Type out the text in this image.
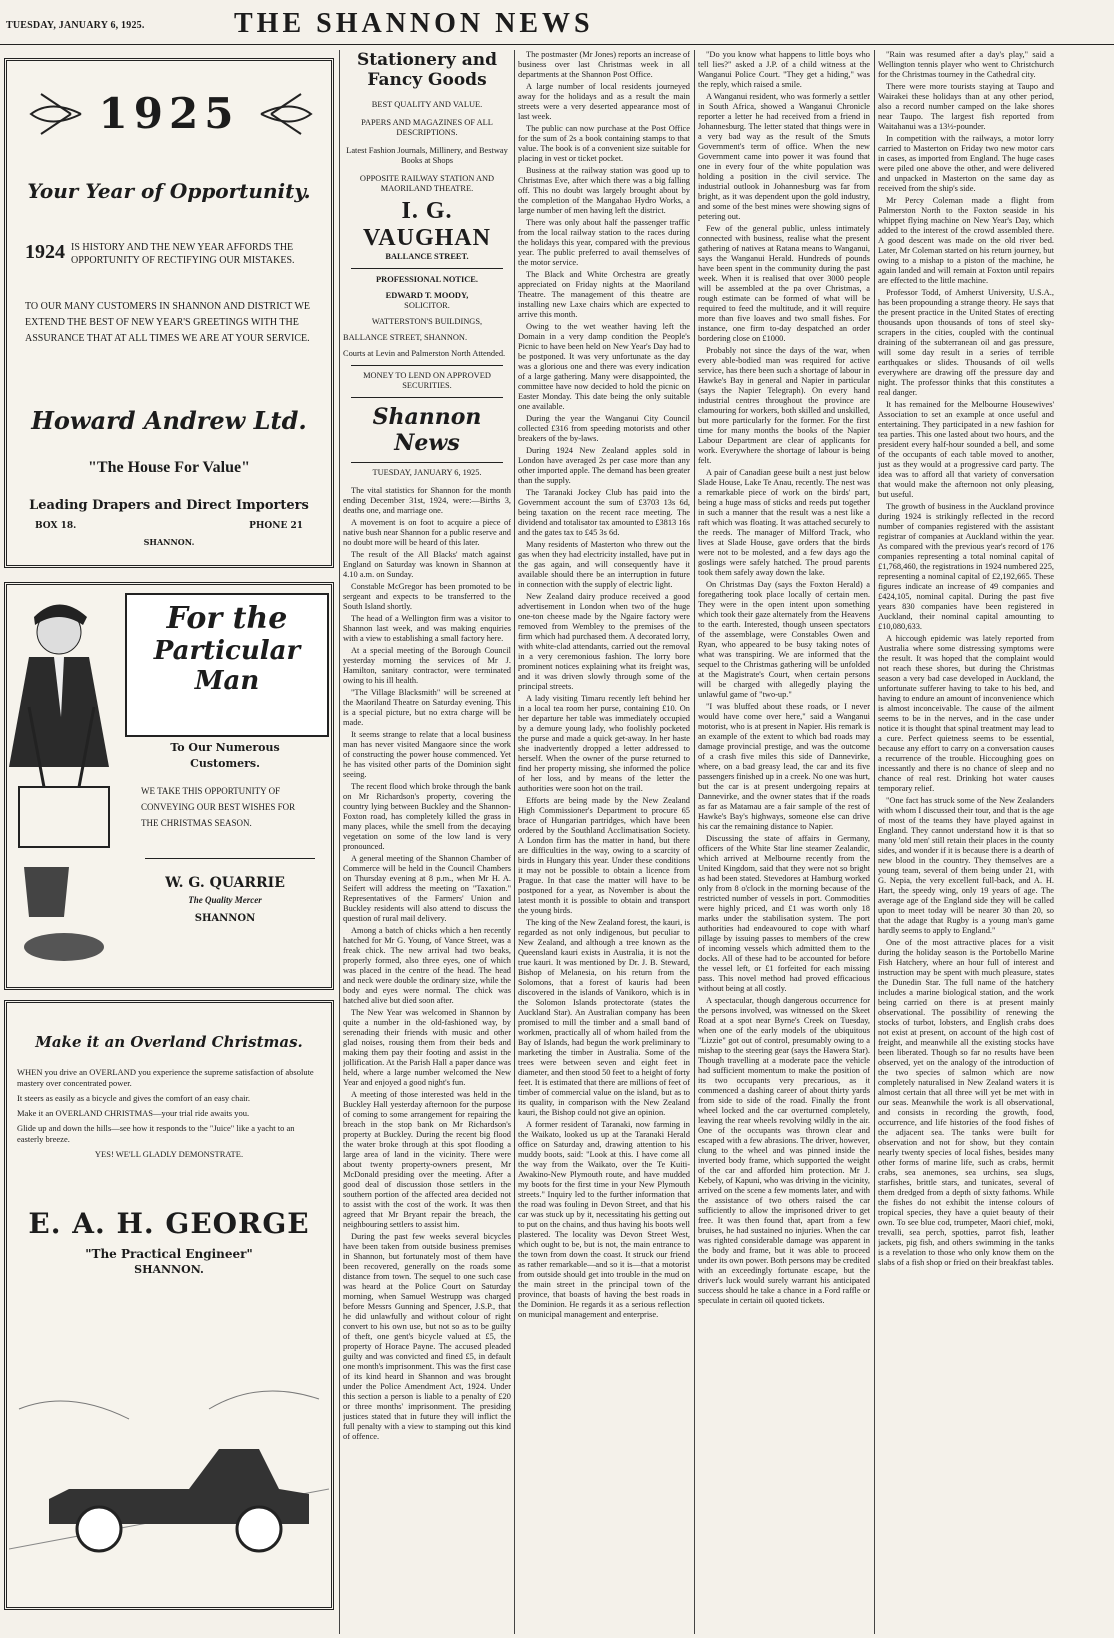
TUESDAY, JANUARY 6, 1925.	THE SHANNON NEWS
1925
Your Year of Opportunity.
1924 IS HISTORY AND THE NEW YEAR AFFORDS THE OPPORTUNITY OF RECTIFYING OUR MISTAKES.
TO OUR MANY CUSTOMERS IN SHANNON AND DISTRICT WE EXTEND THE BEST OF NEW YEAR'S GREETINGS WITH THE ASSURANCE THAT AT ALL TIMES WE ARE AT YOUR SERVICE.
Howard Andrew Ltd.
"The House For Value"
Leading Drapers and Direct Importers
BOX 18.	PHONE 21
SHANNON.
For the
Particular Man
To Our Numerous
Customers.
WE TAKE THIS OPPORTUNITY OF CONVEYING OUR BEST WISHES FOR THE CHRISTMAS SEASON.
W. G. QUARRIE
The Quality Mercer
SHANNON
Make it an Overland Christmas.

WHEN you drive an OVERLAND you experience the supreme satisfaction of absolute mastery over concentrated power.

It steers as easily as a bicycle and gives the comfort of an easy chair.

Make it an OVERLAND CHRISTMAS—your trial ride awaits you.

Glide up and down the hills—see how it responds to the "Juice" like a yacht to an easterly breeze.

YES! WE'LL GLADLY DEMONSTRATE.

E. A. H. GEORGE
"The Practical Engineer"
SHANNON.
Stationery and
Fancy Goods
BEST QUALITY AND VALUE.
PAPERS AND MAGAZINES OF ALL DESCRIPTIONS.
Latest Fashion Journals, Millinery, and Bestway Books at Shops
OPPOSITE RAILWAY STATION AND MAORILAND THEATRE.
I. G. VAUGHAN
BALLANCE STREET.
PROFESSIONAL NOTICE.
EDWARD T. MOODY,
SOLICITOR.
WATTERSTON'S BUILDINGS,
BALLANCE STREET, SHANNON.
Courts at Levin and Palmerston North Attended.
MONEY TO LEND ON APPROVED SECURITIES.
Shannon News
TUESDAY, JANUARY 6, 1925.

The vital statistics for Shannon for the month ending December 31st, 1924, were:—Births 3, deaths one, and marriage one.

A movement is on foot to acquire a piece of native bush near Shannon for a public reserve and no doubt more will be heard of this later.

The result of the All Blacks' match against England on Saturday was known in Shannon at 4.10 a.m. on Sunday.

Constable McGregor has been promoted to be sergeant and expects to be transferred to the South Island shortly.

The head of a Wellington firm was a visitor to Shannon last week, and was making enquiries with a view to establishing a small factory here.

At a special meeting of the Borough Council yesterday morning the services of Mr J. Hamilton, sanitary contractor, were terminated owing to his ill health.

"The Village Blacksmith" will be screened at the Maoriland Theatre on Saturday evening. This is a special picture, but no extra charge will be made.

It seems strange to relate that a local business man has never visited Mangaore since the work of constructing the power house commenced. Yet he has visited other parts of the Dominion sight seeing.

The recent flood which broke through the bank on Mr Richardson's property, covering the country lying between Buckley and the Shannon-Foxton road, has completely killed the grass in many places, while the smell from the decaying vegetation on some of the low land is very pronounced.

A general meeting of the Shannon Chamber of Commerce will be held in the Council Chambers on Thursday evening at 8 p.m., when Mr H. A. Seifert will address the meeting on "Taxation." Representatives of the Farmers' Union and Buckley residents will also attend to discuss the question of rural mail delivery.

Among a batch of chicks which a hen recently hatched for Mr G. Young, of Vance Street, was a freak chick. The new arrival had two beaks, properly formed, also three eyes, one of which was placed in the centre of the head. The head and neck were double the ordinary size, while the body and eyes were normal. The chick was hatched alive but died soon after.

The New Year was welcomed in Shannon by quite a number in the old-fashioned way, by serenading their friends with music and other glad noises, rousing them from their beds and making them pay their footing and assist in the jollification. At the Parish Hall a paper dance was held, where a large number welcomed the New Year and enjoyed a good night's fun.

A meeting of those interested was held in the Buckley Hall yesterday afternoon for the purpose of coming to some arrangement for repairing the breach in the stop bank on Mr Richardson's property at Buckley. During the recent big flood the water broke through at this spot flooding a large area of land in the vicinity. There were about twenty property-owners present, Mr McDonald presiding over the meeting. After a good deal of discussion those settlers in the southern portion of the affected area decided not to assist with the cost of the work. It was then agreed that Mr Bryant repair the breach, the neighbouring settlers to assist him.

During the past few weeks several bicycles have been taken from outside business premises in Shannon, but fortunately most of them have been recovered, generally on the roads some distance from town. The sequel to one such case was heard at the Police Court on Saturday morning, when Samuel Westrupp was charged before Messrs Gunning and Spencer, J.S.P., that he did unlawfully and without colour of right convert to his own use, but not so as to be guilty of theft, one gent's bicycle valued at £5, the property of Horace Payne. The accused pleaded guilty and was convicted and fined £5, in default one month's imprisonment. This was the first case of its kind heard in Shannon and was brought under the Police Amendment Act, 1924. Under this section a person is liable to a penalty of £20 or three months' imprisonment. The presiding justices stated that in future they will inflict the full penalty with a view to stamping out this kind of offence.

The postmaster (Mr Jones) reports an increase of business over last Christmas week in all departments at the Shannon Post Office.

A large number of local residents journeyed away for the holidays and as a result the main streets were a very deserted appearance most of last week.

The public can now purchase at the Post Office for the sum of 2s a book containing stamps to that value. The book is of a convenient size suitable for placing in vest or ticket pocket.

Business at the railway station was good up to Christmas Eve, after which there was a big falling off. This no doubt was largely brought about by the completion of the Mangahao Hydro Works, a large number of men having left the district.

There was only about half the passenger traffic from the local railway station to the races during the holidays this year, compared with the previous year. The public preferred to avail themselves of the motor service.

The Black and White Orchestra are greatly appreciated on Friday nights at the Maoriland Theatre. The management of this theatre are installing new Laxe chairs which are expected to arrive this month.

Owing to the wet weather having left the Domain in a very damp condition the People's Picnic to have been held on New Year's Day had to be postponed. It was very unfortunate as the day was a glorious one and there was every indication of a large gathering. Many were disappointed, the committee have now decided to hold the picnic on Easter Monday. This date being the only suitable one available.

During the year the Wanganui City Council collected £316 from speeding motorists and other breakers of the by-laws.

During 1924 New Zealand apples sold in London have averaged 2s per case more than any other imported apple. The demand has been greater than the supply.

The Taranaki Jockey Club has paid into the Government account the sum of £3703 13s 6d, being taxation on the recent race meeting. The dividend and totalisator tax amounted to £3813 16s and the gates tax to £45 3s 6d.

Many residents of Masterton who threw out the gas when they had electricity installed, have put in the gas again, and will consequently have it available should there be an interruption in future in connection with the supply of electric light.

New Zealand dairy produce received a good advertisement in London when two of the huge one-ton cheese made by the Ngaire factory were removed from Wembley to the premises of the firm which had purchased them. A decorated lorry, with white-clad attendants, carried out the removal in a very ceremonious fashion. The lorry bore prominent notices explaining what its freight was, and it was driven slowly through some of the principal streets.

A lady visiting Timaru recently left behind her in a local tea room her purse, containing £10. On her departure her table was immediately occupied by a demure young lady, who foolishly pocketed the purse and made a quick get-away. In her haste she inadvertently dropped a letter addressed to herself. When the owner of the purse returned to find her property missing, she informed the police of her loss, and by means of the letter the authorities were soon hot on the trail.

Efforts are being made by the New Zealand High Commissioner's Department to procure 65 brace of Hungarian partridges, which have been ordered by the Southland Acclimatisation Society. A London firm has the matter in hand, but there are difficulties in the way, owing to a scarcity of birds in Hungary this year. Under these conditions it may not be possible to obtain a licence from Prague. In that case the matter will have to be postponed for a year, as November is about the latest month it is possible to obtain and transport the young birds.

The king of the New Zealand forest, the kauri, is regarded as not only indigenous, but peculiar to New Zealand, and although a tree known as the Queensland kauri exists in Australia, it is not the true kauri. It was mentioned by Dr. J. B. Steward, Bishop of Melanesia, on his return from the Solomons, that a forest of kauris had been discovered in the islands of Vanikoro, which is in the Solomon Islands protectorate (states the Auckland Star). An Australian company has been promised to mill the timber and a small band of workmen, practically all of whom hailed from the Bay of Islands, had begun the work preliminary to marketing the timber in Australia. Some of the trees were between seven and eight feet in diameter, and then stood 50 feet to a height of forty feet. It is estimated that there are millions of feet of timber of commercial value on the island, but as to its quality, in comparison with the New Zealand kauri, the Bishop could not give an opinion.

A former resident of Taranaki, now farming in the Waikato, looked us up at the Taranaki Herald office on Saturday and, drawing attention to his muddy boots, said: "Look at this. I have come all the way from the Waikato, over the Te Kuiti-Awakino-New Plymouth route, and have mudded my boots for the first time in your New Plymouth streets." Inquiry led to the further information that the road was fouling in Devon Street, and that his car was stuck up by it, necessitating his getting out to put on the chains, and thus having his boots well plastered. The locality was Devon Street West, which ought to be, but is not, the main entrance to the town from down the coast. It struck our friend as rather remarkable—and so it is—that a motorist from outside should get into trouble in the mud on the main street in the principal town of the province, that boasts of having the best roads in the Dominion. He regards it as a serious reflection on municipal management and enterprise.

"Do you know what happens to little boys who tell lies?" asked a J.P. of a child witness at the Wanganui Police Court. "They get a hiding," was the reply, which raised a smile.

A Wanganui resident, who was formerly a settler in South Africa, showed a Wanganui Chronicle reporter a letter he had received from a friend in Johannesburg. The letter stated that things were in a very bad way as the result of the Smuts Government's term of office. When the new Government came into power it was found that one in every four of the white population was holding a position in the civil service. The industrial outlook in Johannesburg was far from bright, as it was dependent upon the gold industry, and some of the best mines were showing signs of petering out.

Few of the general public, unless intimately connected with business, realise what the present gathering of natives at Ratana means to Wanganui, says the Wanganui Herald. Hundreds of pounds have been spent in the community during the past week. When it is realised that over 3000 people will be assembled at the pa over Christmas, a rough estimate can be formed of what will be required to feed the multitude, and it will require more than five loaves and two small fishes. For instance, one firm to-day despatched an order bordering close on £1000.

Probably not since the days of the war, when every able-bodied man was required for active service, has there been such a shortage of labour in Hawke's Bay in general and Napier in particular (says the Napier Telegraph). On every hand industrial centres throughout the province are clamouring for workers, both skilled and unskilled, but more particularly for the former. For the first time for many months the books of the Napier Labour Department are clear of applicants for work. Everywhere the shortage of labour is being felt.

A pair of Canadian geese built a nest just below Slade House, Lake Te Anau, recently. The nest was a remarkable piece of work on the birds' part, being a huge mass of sticks and reeds put together in such a manner that the result was a nest like a raft which was floating. It was attached securely to the reeds. The manager of Milford Track, who lives at Slade House, gave orders that the birds were not to be molested, and a few days ago the goslings were safely hatched. The proud parents took them safely away down the lake.

On Christmas Day (says the Foxton Herald) a foregathering took place locally of certain men. They were in the open intent upon something which took their gaze alternately from the Heavens to the earth. Interested, though unseen spectators of the assemblage, were Constables Owen and Ryan, who appeared to be busy taking notes of what was transpiring. We are informed that the sequel to the Christmas gathering will be unfolded at the Magistrate's Court, when certain persons will be charged with allegedly playing the unlawful game of "two-up."

"I was bluffed about these roads, or I never would have come over here," said a Wanganui motorist, who is at present in Napier. His remark is an example of the extent to which bad roads may damage provincial prestige, and was the outcome of a crash five miles this side of Dannevirke, where, on a bad greasy lead, the car and its five passengers finished up in a creek. No one was hurt, but the car is at present undergoing repairs at Dannevirke, and the owner states that if the roads as far as Matamau are a fair sample of the rest of Hawke's Bay's highways, someone else can drive his car the remaining distance to Napier.

Discussing the state of affairs in Germany, officers of the White Star line steamer Zealandic, which arrived at Melbourne recently from the United Kingdom, said that they were not so bright as had been stated. Stevedores at Hamburg worked only from 8 o'clock in the morning because of the restricted number of vessels in port. Commodities were highly priced, and £1 was worth only 18 marks under the stabilisation system. The port authorities had endeavoured to cope with wharf pillage by issuing passes to members of the crew of incoming vessels which admitted them to the docks. All of these had to be accounted for before the vessel left, or £1 forfeited for each missing pass. This novel method had proved efficacious without being at all costly.

A spectacular, though dangerous occurrence for the persons involved, was witnessed on the Skeet Road at a spot near Byrne's Creek on Tuesday, when one of the early models of the ubiquitous "Lizzie" got out of control, presumably owing to a mishap to the steering gear (says the Hawera Star). Though travelling at a moderate pace the vehicle had sufficient momentum to make the position of its two occupants very precarious, as it commenced a dashing career of about thirty yards from side to side of the road. Finally the front wheel locked and the car overturned completely, leaving the rear wheels revolving wildly in the air. One of the occupants was thrown clear and escaped with a few abrasions. The driver, however, clung to the wheel and was pinned inside the inverted body frame, which supported the weight of the car and afforded him protection. Mr J. Kebely, of Kapuni, who was driving in the vicinity, arrived on the scene a few moments later, and with the assistance of two others raised the car sufficiently to allow the imprisoned driver to get free. It was then found that, apart from a few bruises, he had sustained no injuries. When the car was righted considerable damage was apparent in the body and frame, but it was able to proceed under its own power. Both persons may be credited with an exceedingly fortunate escape, but the driver's luck would surely warrant his anticipated success should he take a chance in a Ford raffle or speculate in certain oil quoted tickets.

"Rain was resumed after a day's play," said a Wellington tennis player who went to Christchurch for the Christmas tourney in the Cathedral city.

There were more tourists staying at Taupo and Wairakei these holidays than at any other period, also a record number camped on the lake shores near Taupo. The largest fish reported from Waitahanui was a 13½-pounder.

In competition with the railways, a motor lorry carried to Masterton on Friday two new motor cars in cases, as imported from England. The huge cases were piled one above the other, and were delivered and unpacked in Masterton on the same day as received from the ship's side.

Mr Percy Coleman made a flight from Palmerston North to the Foxton seaside in his whippet flying machine on New Year's Day, which added to the interest of the crowd assembled there. A good descent was made on the old river bed. Later, Mr Coleman started on his return journey, but owing to a mishap to a piston of the machine, he again landed and will remain at Foxton until repairs are effected to the little machine.

Professor Todd, of Amherst University, U.S.A., has been propounding a strange theory. He says that the present practice in the United States of erecting thousands upon thousands of tons of steel sky-scrapers in the cities, coupled with the continual draining of the subterranean oil and gas pressure, will some day result in a series of terrible earthquakes or slides. Thousands of oil wells everywhere are drawing off the pressure day and night. The professor thinks that this constitutes a real danger.

It has remained for the Melbourne Housewives' Association to set an example at once useful and entertaining. They participated in a new fashion for tea parties. This one lasted about two hours, and the president every half-hour sounded a bell, and some of the occupants of each table moved to another, just as they would at a progressive card party. The idea was to afford all that variety of conversation that would make the afternoon not only pleasing, but useful.

The growth of business in the Auckland province during 1924 is strikingly reflected in the record number of companies registered with the assistant registrar of companies at Auckland within the year. As compared with the previous year's record of 176 companies representing a total nominal capital of £1,768,460, the registrations in 1924 numbered 225, representing a nominal capital of £2,192,665. These figures indicate an increase of 49 companies and £424,105, nominal capital. During the past five years 830 companies have been registered in Auckland, their nominal capital amounting to £10,080,633.

A hiccough epidemic was lately reported from Australia where some distressing symptoms were the result. It was hoped that the complaint would not reach these shores, but during the Christmas season a very bad case developed in Auckland, the unfortunate sufferer having to take to his bed, and having to endure an amount of inconvenience which is almost inconceivable. The cause of the ailment seems to be in the nerves, and in the case under notice it is thought that spinal treatment may lead to a cure. Perfect quietness seems to be essential, because any effort to carry on a conversation causes a recurrence of the trouble. Hiccoughing goes on incessantly and there is no chance of sleep and no chance of real rest. Drinking hot water causes temporary relief.

"One fact has struck some of the New Zealanders with whom I discussed their tour, and that is the age of most of the teams they have played against in England. They cannot understand how it is that so many 'old men' still retain their places in the county sides, and wonder if it is because there is a dearth of new blood in the country. They themselves are a young team, several of them being under 21, with G. Nepia, the very excellent full-back, and A. H. Hart, the speedy wing, only 19 years of age. The average age of the England side they will be called upon to meet today will be nearer 30 than 20, so that the adage that Rugby is a young man's game hardly seems to apply to England."

One of the most attractive places for a visit during the holiday season is the Portobello Marine Fish Hatchery, where an hour full of interest and instruction may be spent with much pleasure, states the Dunedin Star. The full name of the hatchery includes a marine biological station, and the work being carried on there is at present mainly observational. The possibility of renewing the stocks of turbot, lobsters, and English crabs does not exist at present, on account of the high cost of freight, and meanwhile all the existing stocks have been liberated. Though so far no results have been observed, yet on the analogy of the introduction of the two species of salmon which are now completely naturalised in New Zealand waters it is almost certain that all three will yet be met with in our seas. Meanwhile the work is all observational, and consists in recording the growth, food, occurrence, and life histories of the food fishes of the adjacent sea. The tanks were built for observation and not for show, but they contain nearly twenty species of local fishes, besides many other forms of marine life, such as crabs, hermit crabs, sea anemones, sea urchins, sea slugs, starfishes, brittle stars, and tunicates, several of them dredged from a depth of sixty fathoms. While the fishes do not exhibit the intense colours of tropical species, they have a quiet beauty of their own. To see blue cod, trumpeter, Maori chief, moki, trevalli, sea perch, spotties, parrot fish, leather jackets, pig fish, and others swimming in the tanks is a revelation to those who only know them on the slabs of a fish shop or fried on their breakfast tables.
